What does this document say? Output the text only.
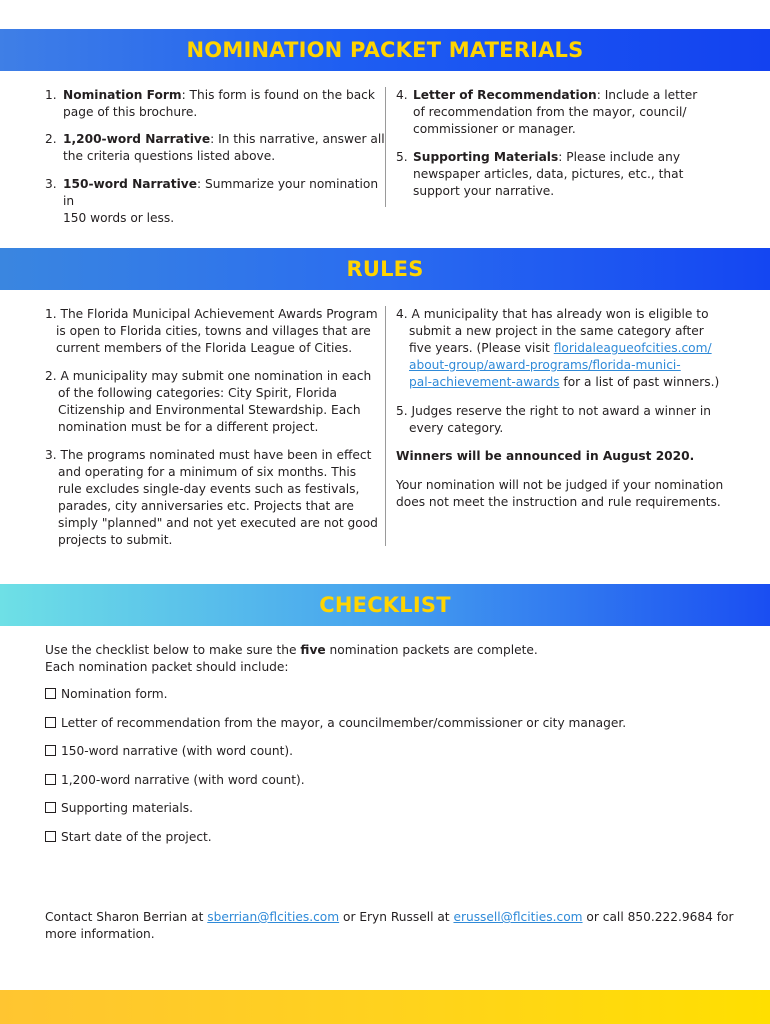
NOMINATION PACKET MATERIALS
1. Nomination Form: This form is found on the back

page of this brochure.

2. 1,200-word Narrative: In this narrative, answer all

the criteria questions listed above.

3. 150-word Narrative: Summarize your nomination in

150 words or less.

4. Letter of Recommendation: Include a letter

of recommendation from the mayor, council/

commissioner or manager.

5. Supporting Materials: Please include any

newspaper articles, data, pictures, etc., that

support your narrative.

RULES

1. The Florida Municipal Achievement Awards Program

is open to Florida cities, towns and villages that are

current members of the Florida League of Cities.

2. A municipality may submit one nomination in each

of the following categories: City Spirit, Florida

Citizenship and Environmental Stewardship. Each

nomination must be for a different project.

3. The programs nominated must have been in effect

and operating for a minimum of six months. This

rule excludes single-day events such as festivals,

parades, city anniversaries etc. Projects that are

simply "planned" and not yet executed are not good

projects to submit.

4. A municipality that has already won is eligible to

submit a new project in the same category after

five years. (Please visit floridaleagueofcities.com/

about-group/award-programs/florida-munici-

pal-achievement-awards for a list of past winners.)

5. Judges reserve the right to not award a winner in

every category.

Winners will be announced in August 2020.

Your nomination will not be judged if your nomination

does not meet the instruction and rule requirements.

CHECKLIST

Use the checklist below to make sure the five nomination packets are complete.

Each nomination packet should include:

Nomination form.
Letter of recommendation from the mayor, a councilmember/commissioner or city manager.
150-word narrative (with word count).
1,200-word narrative (with word count).
Supporting materials.
Start date of the project.

Contact Sharon Berrian at sberrian@flcities.com or Eryn Russell at erussell@flcities.com or call 850.222.9684 for

more information.
